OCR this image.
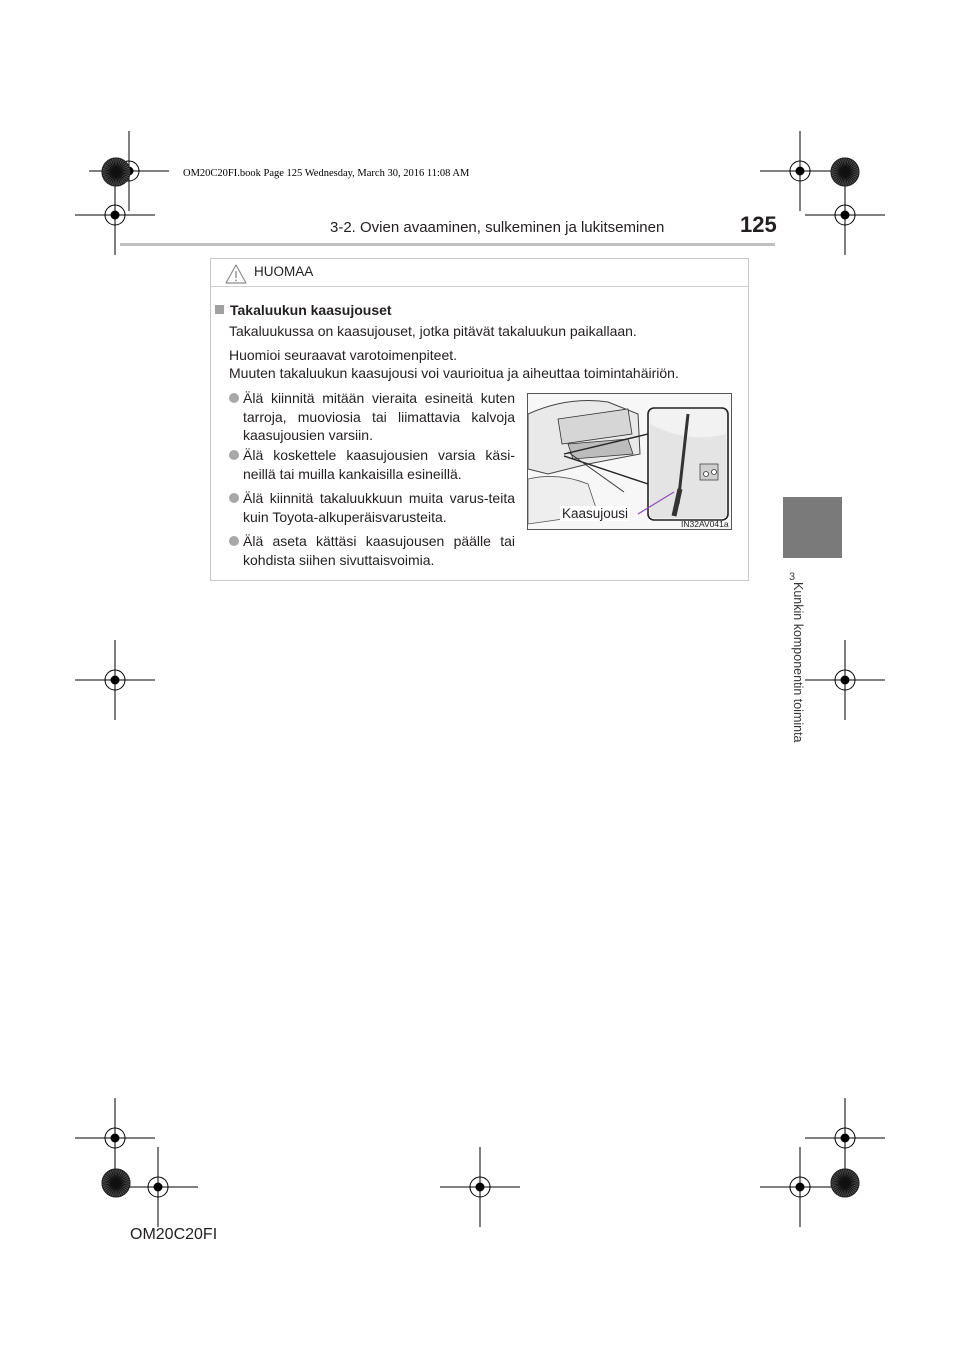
OM20C20FI.book Page 125 Wednesday, March 30, 2016 11:08 AM
3-2. Ovien avaaminen, sulkeminen ja lukitseminen	125
3
Kunkin komponentin toiminta
HUOMAA
Takaluukun kaasujouset
Takaluukussa on kaasujouset, jotka pitävät takaluukun paikallaan.
Huomioi seuraavat varotoimenpiteet.
Muuten takaluukun kaasujousi voi vaurioitua ja aiheuttaa toimintahäiriön.
Älä kiinnitä mitään vieraita esineitä kuten tarroja, muoviosia tai liimattavia kalvoja kaasujousien varsiin.
Älä koskettele kaasujousien varsia käsi-neillä tai muilla kankaisilla esineillä.
Älä kiinnitä takaluukkuun muita varus-teita kuin Toyota-alkuperäisvarusteita.
Älä aseta kättäsi kaasujousen päälle tai kohdista siihen sivuttaisvoimia.
Kaasujousi
IN32AV041a
OM20C20FI
